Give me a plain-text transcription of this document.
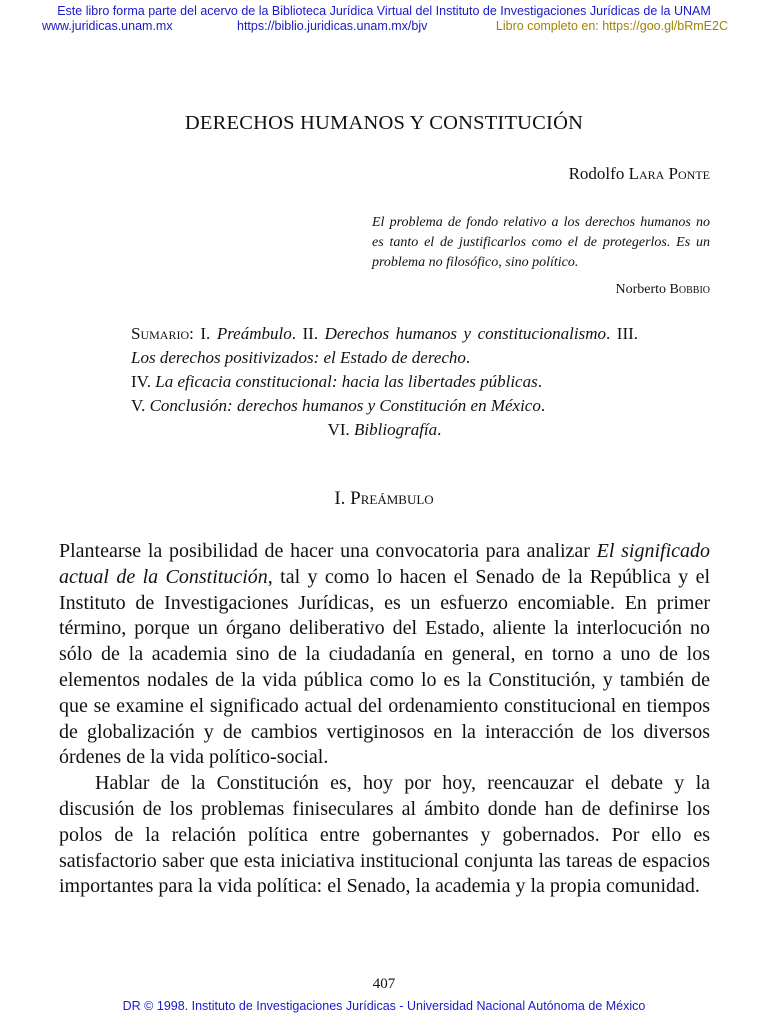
Este libro forma parte del acervo de la Biblioteca Jurídica Virtual del Instituto de Investigaciones Jurídicas de la UNAM
www.juridicas.unam.mx	https://biblio.juridicas.unam.mx/bjv	Libro completo en: https://goo.gl/bRmE2C
DERECHOS HUMANOS Y CONSTITUCIÓN
Rodolfo Lara Ponte
El problema de fondo relativo a los derechos humanos no es tanto el de justificarlos como el de protegerlos. Es un problema no filosófico, sino político.
Norberto Bobbio
Sumario: I. Preámbulo. II. Derechos humanos y constitucionalismo. III. Los derechos positivizados: el Estado de derecho.
IV. La eficacia constitucional: hacia las libertades públicas.
V. Conclusión: derechos humanos y Constitución en México.
VI. Bibliografía.
I. Preámbulo

Plantearse la posibilidad de hacer una convocatoria para analizar El significado actual de la Constitución, tal y como lo hacen el Senado de la República y el Instituto de Investigaciones Jurídicas, es un esfuerzo encomiable. En primer término, porque un órgano deliberativo del Estado, aliente la interlocución no sólo de la academia sino de la ciudadanía en general, en torno a uno de los elementos nodales de la vida pública como lo es la Constitución, y también de que se examine el significado actual del ordenamiento constitucional en tiempos de globalización y de cambios vertiginosos en la interacción de los diversos órdenes de la vida político-social.

Hablar de la Constitución es, hoy por hoy, reencauzar el debate y la discusión de los problemas finiseculares al ámbito donde han de definirse los polos de la relación política entre gobernantes y gobernados. Por ello es satisfactorio saber que esta iniciativa institucional conjunta las tareas de espacios importantes para la vida política: el Senado, la academia y la propia comunidad.

407
DR © 1998. Instituto de Investigaciones Jurídicas - Universidad Nacional Autónoma de México
